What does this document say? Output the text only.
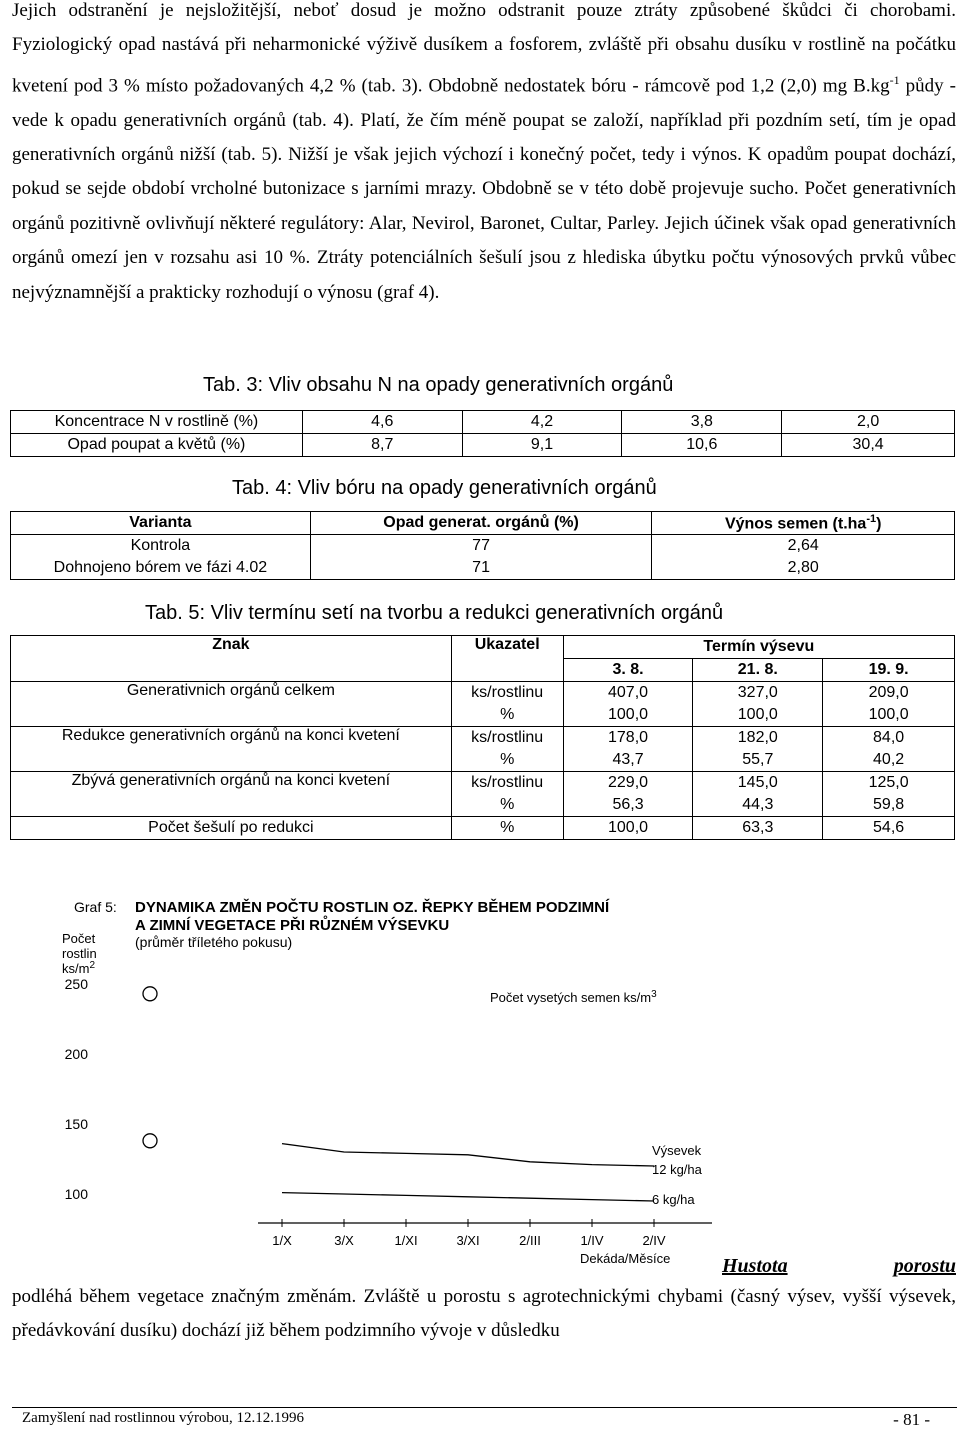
Jejich odstranění je nejsložitější, neboť dosud je možno odstranit pouze ztráty způsobené škůdci či chorobami. Fyziologický opad nastává při neharmonické výživě dusíkem a fosforem, zvláště při obsahu dusíku v rostlině na počátku kvetení pod 3 % místo požadovaných 4,2 % (tab. 3). Obdobně nedostatek bóru - rámcově pod 1,2 (2,0) mg $B.kg^{-1}$ půdy - vede k opadu generativních orgánů (tab. 4). Platí, že čím méně poupat se založí, například při pozdním setí, tím je opad generativních orgánů nižší (tab. 5). Nižší je však jejich výchozí i konečný počet, tedy i výnos. K opadům poupat dochází, pokud se sejde období vrcholné butonizace s jarními mrazy. Obdobně se v této době projevuje sucho. Počet generativních orgánů pozitivně ovlivňují některé regulátory: Alar, Nevirol, Baronet, Cultar, Parley. Jejich účinek však opad generativních orgánů omezí jen v rozsahu asi 10 %. Ztráty potenciálních šešulí jsou z hlediska úbytku počtu výnosových prvků vůbec nejvýznamnější a prakticky rozhodují o výnosu (graf 4).

Tab. 3: Vliv obsahu N na opady generativních orgánů
Koncentrace N v rostlině (%)	4,6	4,2	3,8	2,0
Opad poupat a květů (%)	8,7	9,1	10,6	30,4
Tab. 4: Vliv bóru na opady generativních orgánů
Varianta	Opad generat. orgánů (%)	Výnos semen $(t.ha^{-1})$
Kontrola	77	2,64
Dohnojeno bórem ve fázi 4.02	71	2,80
Tab. 5: Vliv termínu setí na tvorbu a redukci generativních orgánů
Znak	Ukazatel	Termín výsevu		
		3. 8.	21. 8.	19. 9.
Generativnich orgánů celkem	ks/rostlinu	407,0	327,0	209,0
	%	100,0	100,0	100,0
Redukce generativních orgánů na konci kvetení	ks/rostlinu	178,0	182,0	84,0
	%	43,7	55,7	40,2
Zbývá generativních orgánů na konci kvetení	ks/rostlinu	229,0	145,0	125,0
	%	56,3	44,3	59,8
Počet šešulí po redukci	%	100,0	63,3	54,6
Graf 5: DYNAMIKA ZMĚN POČTU ROSTLIN OZ. ŘEPKY BĚHEM PODZIMNÍ
A ZIMNÍ VEGETACE PŘI RŮZNÉM VÝSEVKU
(průměr tříletého pokusu)
Počet
rostlin
$ks/m^2$
250
200
150
100
1/X	3/X	1/XI	3/XI	2/III	1/IV	2/IV
Počet vysetých semen $ks/m^3$
Výsevek
12 kg/ha
6 kg/ha
Dekáda/Měsíce	Hustota	porostu
podléhá během vegetace značným změnám. Zvláště u porostu s agrotechnickými chybami (časný výsev, vyšší výsevek, předávkování dusíku) dochází již během podzimního vývoje v důsledku

Zamyšlení nad rostlinnou výrobou, 12.12.1996	- 81 -
